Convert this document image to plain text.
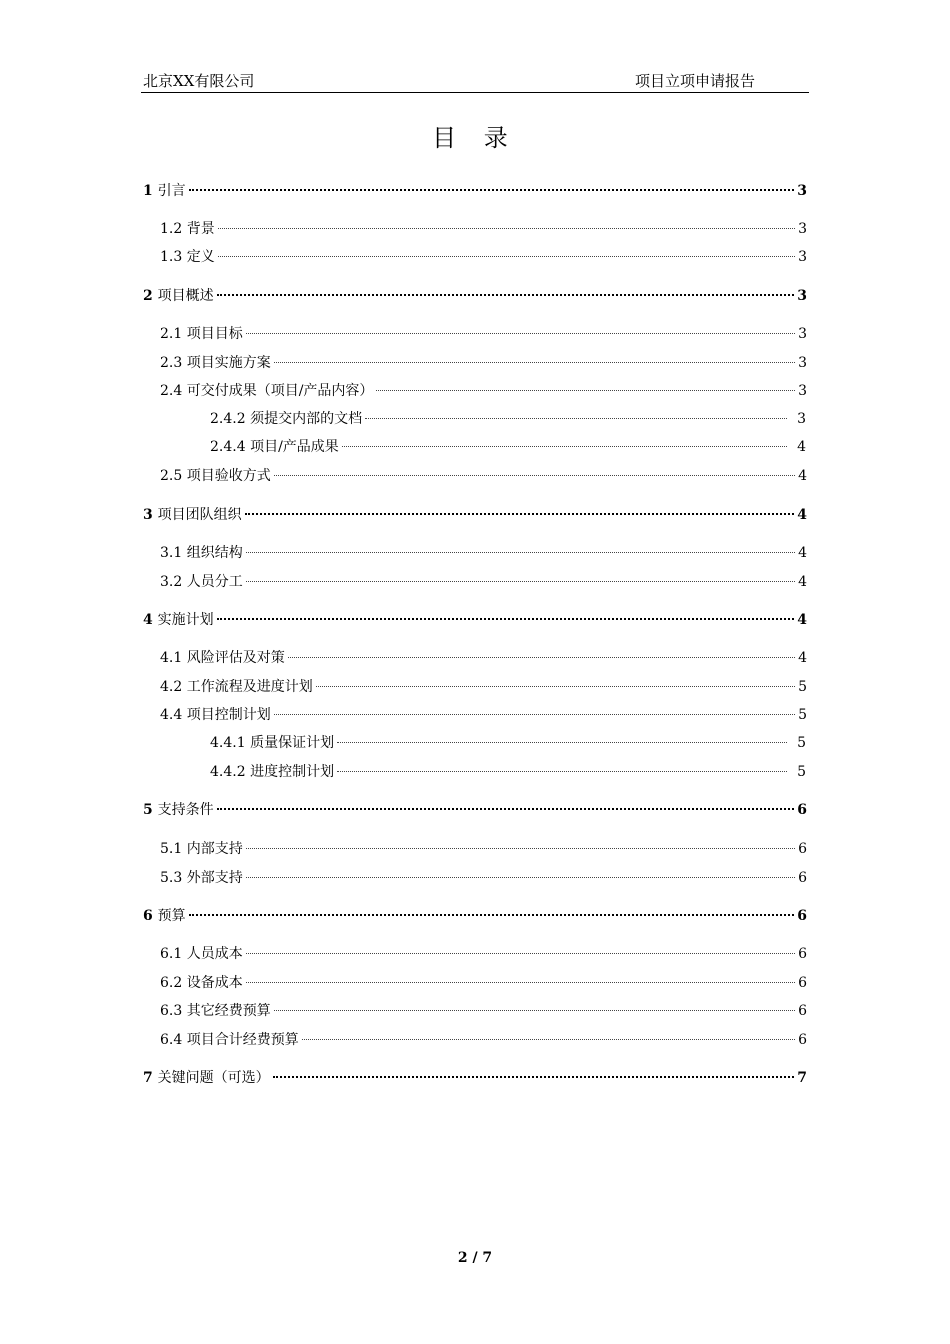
北京XX有限公司	项目立项申请报告
目 录
1 引言	3
1.2 背景	3
1.3 定义	3
2 项目概述	3
2.1 项目目标	3
2.3 项目实施方案	3
2.4 可交付成果（项目/产品内容）	3
2.4.2 须提交内部的文档	3
2.4.4 项目/产品成果	4
2.5 项目验收方式	4
3 项目团队组织	4
3.1 组织结构	4
3.2 人员分工	4
4 实施计划	4
4.1 风险评估及对策	4
4.2 工作流程及进度计划	5
4.4 项目控制计划	5
4.4.1 质量保证计划	5
4.4.2 进度控制计划	5
5 支持条件	6
5.1 内部支持	6
5.3 外部支持	6
6 预算	6
6.1 人员成本	6
6.2 设备成本	6
6.3 其它经费预算	6
6.4 项目合计经费预算	6
7 关键问题（可选）	7
2 / 7
